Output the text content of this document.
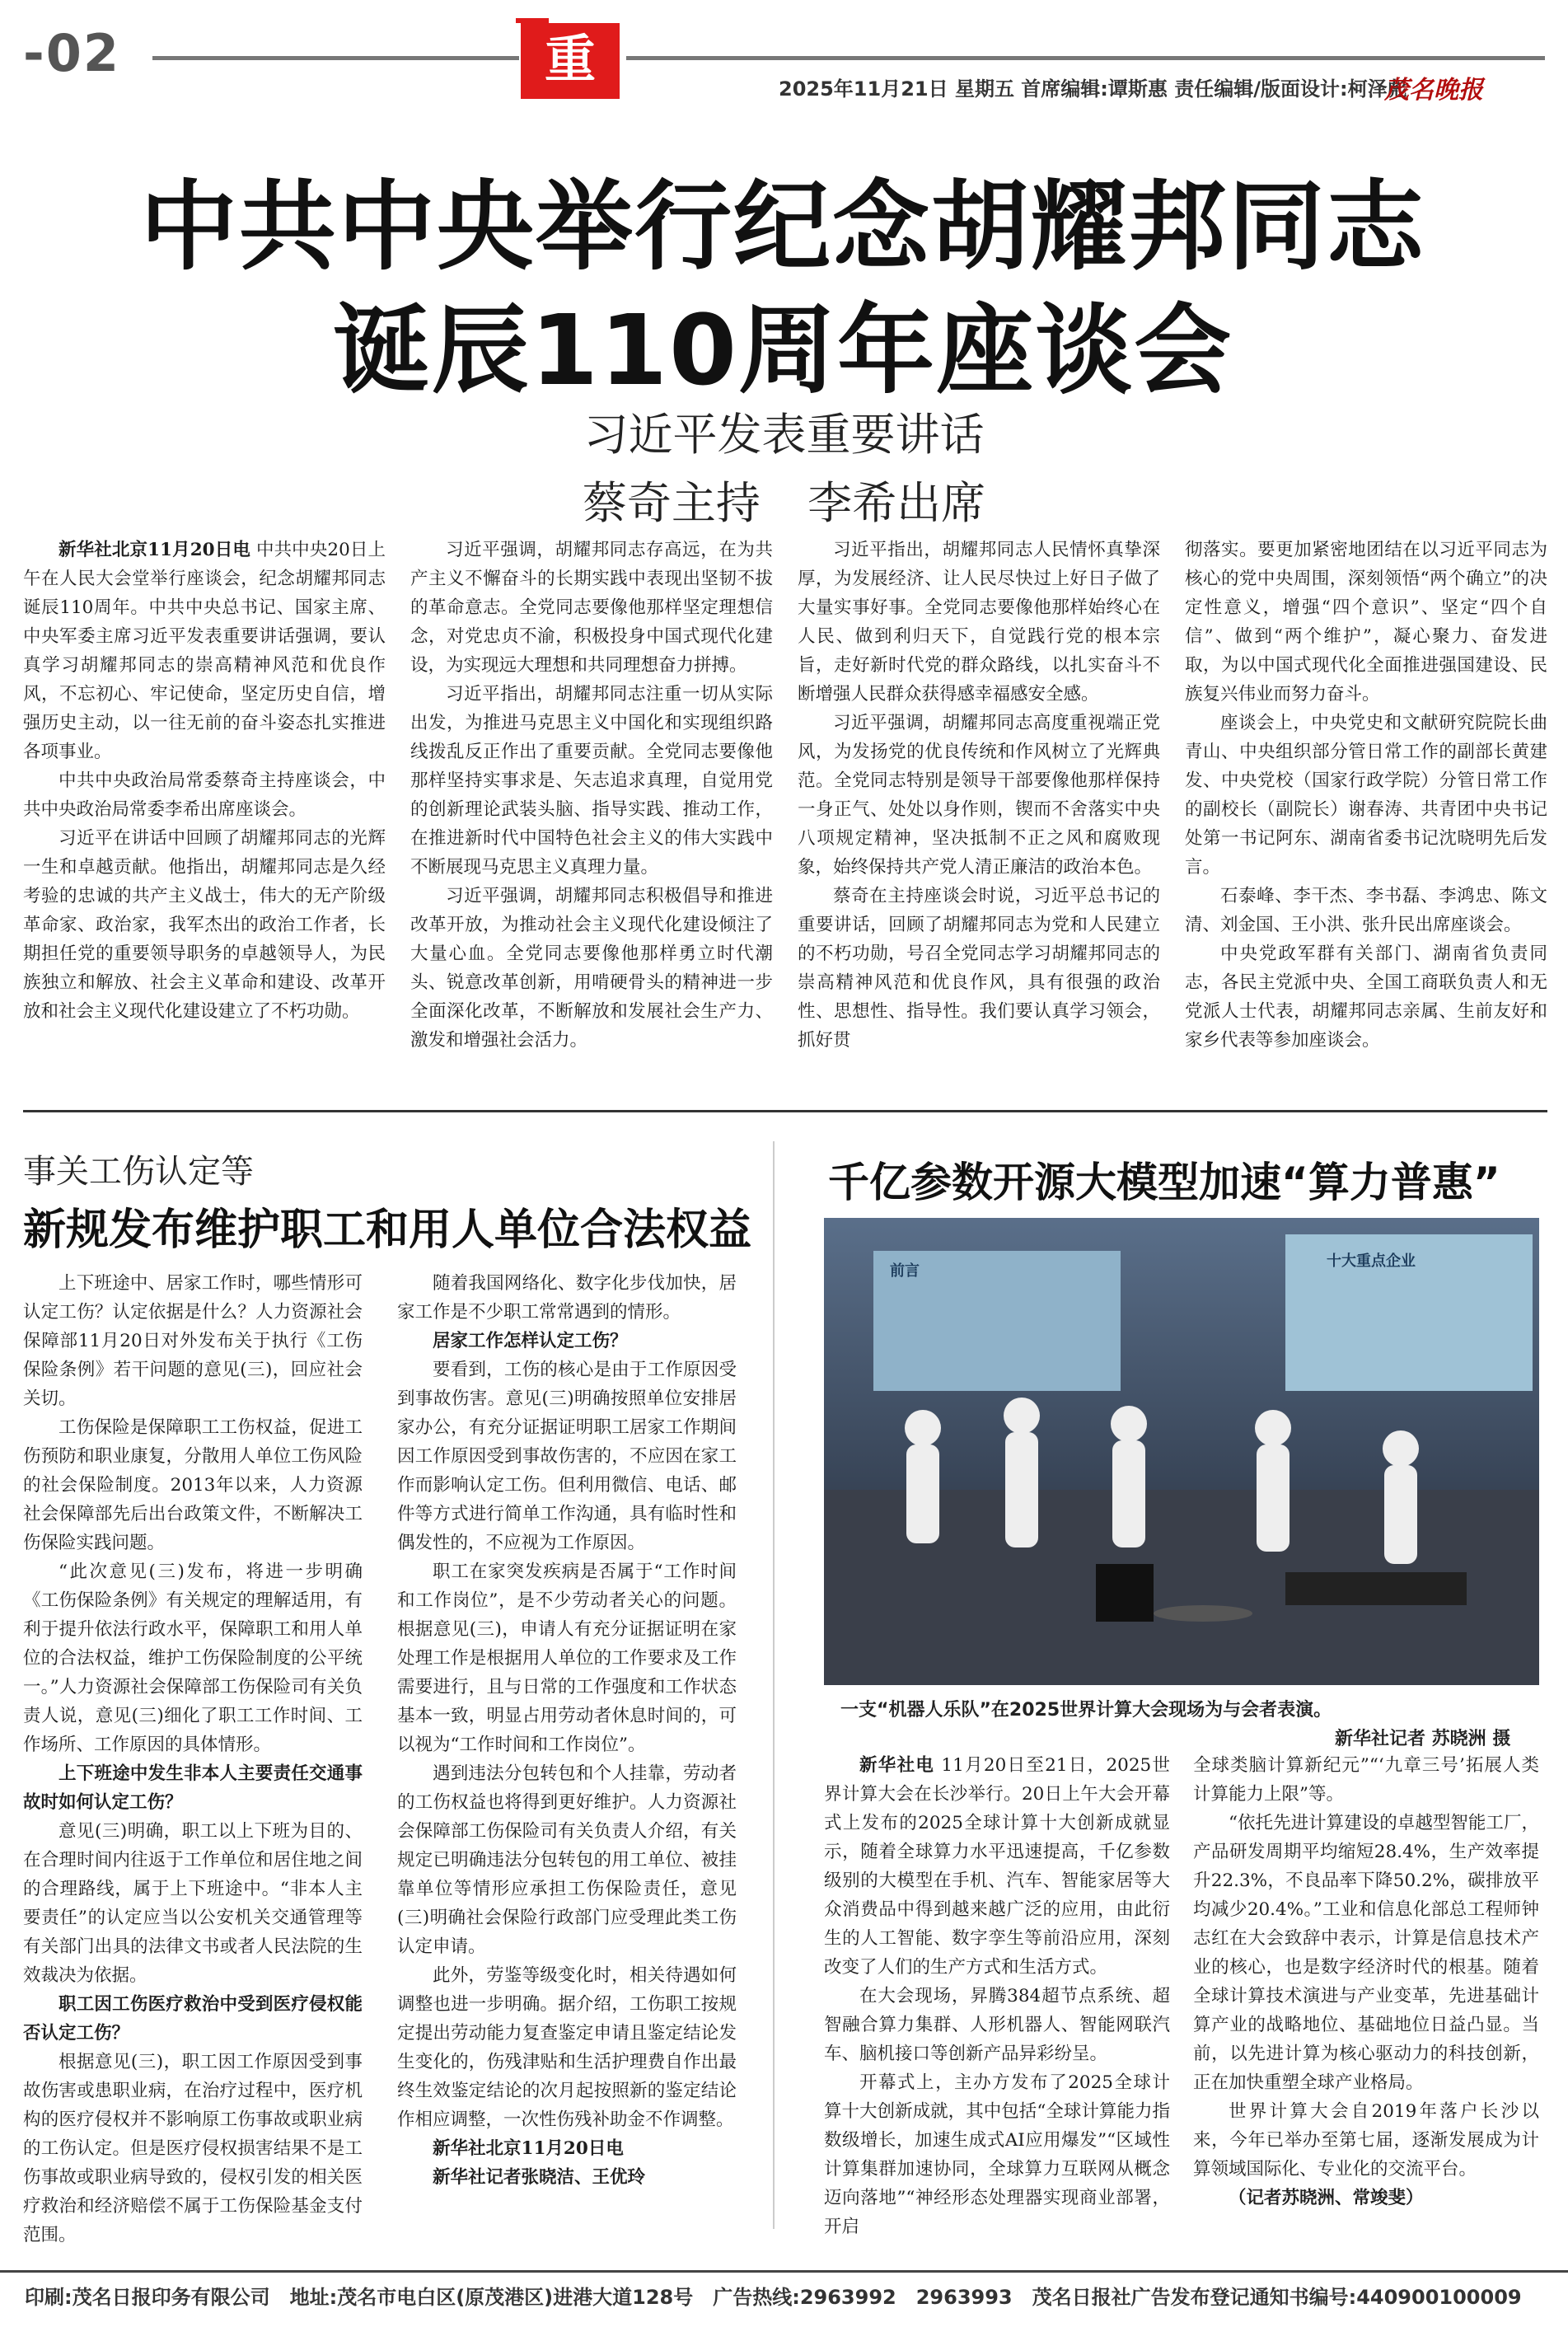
-02	重点
2025年11月21日 星期五 首席编辑:谭斯惠 责任编辑/版面设计:柯泽彪
茂名晚报
中共中央举行纪念胡耀邦同志
诞辰110周年座谈会
习近平发表重要讲话
蔡奇主持 李希出席

新华社北京11月20日电 中共中央20日上午在人民大会堂举行座谈会，纪念胡耀邦同志诞辰110周年。中共中央总书记、国家主席、中央军委主席习近平发表重要讲话强调，要认真学习胡耀邦同志的崇高精神风范和优良作风，不忘初心、牢记使命，坚定历史自信，增强历史主动，以一往无前的奋斗姿态扎实推进各项事业。

中共中央政治局常委蔡奇主持座谈会，中共中央政治局常委李希出席座谈会。

习近平在讲话中回顾了胡耀邦同志的光辉一生和卓越贡献。他指出，胡耀邦同志是久经考验的忠诚的共产主义战士，伟大的无产阶级革命家、政治家，我军杰出的政治工作者，长期担任党的重要领导职务的卓越领导人，为民族独立和解放、社会主义革命和建设、改革开放和社会主义现代化建设建立了不朽功勋。

习近平强调，胡耀邦同志存高远，在为共产主义不懈奋斗的长期实践中表现出坚韧不拔的革命意志。全党同志要像他那样坚定理想信念，对党忠贞不渝，积极投身中国式现代化建设，为实现远大理想和共同理想奋力拼搏。

习近平指出，胡耀邦同志注重一切从实际出发，为推进马克思主义中国化和实现组织路线拨乱反正作出了重要贡献。全党同志要像他那样坚持实事求是、矢志追求真理，自觉用党的创新理论武装头脑、指导实践、推动工作，在推进新时代中国特色社会主义的伟大实践中不断展现马克思主义真理力量。

习近平强调，胡耀邦同志积极倡导和推进改革开放，为推动社会主义现代化建设倾注了大量心血。全党同志要像他那样勇立时代潮头、锐意改革创新，用啃硬骨头的精神进一步全面深化改革，不断解放和发展社会生产力、激发和增强社会活力。

习近平指出，胡耀邦同志人民情怀真挚深厚，为发展经济、让人民尽快过上好日子做了大量实事好事。全党同志要像他那样始终心在人民、做到利归天下，自觉践行党的根本宗旨，走好新时代党的群众路线，以扎实奋斗不断增强人民群众获得感幸福感安全感。

习近平强调，胡耀邦同志高度重视端正党风，为发扬党的优良传统和作风树立了光辉典范。全党同志特别是领导干部要像他那样保持一身正气、处处以身作则，锲而不舍落实中央八项规定精神，坚决抵制不正之风和腐败现象，始终保持共产党人清正廉洁的政治本色。

蔡奇在主持座谈会时说，习近平总书记的重要讲话，回顾了胡耀邦同志为党和人民建立的不朽功勋，号召全党同志学习胡耀邦同志的崇高精神风范和优良作风，具有很强的政治性、思想性、指导性。我们要认真学习领会，抓好贯

彻落实。要更加紧密地团结在以习近平同志为核心的党中央周围，深刻领悟“两个确立”的决定性意义，增强“四个意识”、坚定“四个自信”、做到“两个维护”，凝心聚力、奋发进取，为以中国式现代化全面推进强国建设、民族复兴伟业而努力奋斗。

座谈会上，中央党史和文献研究院院长曲青山、中央组织部分管日常工作的副部长黄建发、中央党校（国家行政学院）分管日常工作的副校长（副院长）谢春涛、共青团中央书记处第一书记阿东、湖南省委书记沈晓明先后发言。

石泰峰、李干杰、李书磊、李鸿忠、陈文清、刘金国、王小洪、张升民出席座谈会。

中央党政军群有关部门、湖南省负责同志，各民主党派中央、全国工商联负责人和无党派人士代表，胡耀邦同志亲属、生前友好和家乡代表等参加座谈会。

事关工伤认定等
新规发布维护职工和用人单位合法权益

上下班途中、居家工作时，哪些情形可认定工伤？认定依据是什么？人力资源社会保障部11月20日对外发布关于执行《工伤保险条例》若干问题的意见(三)，回应社会关切。

工伤保险是保障职工工伤权益，促进工伤预防和职业康复，分散用人单位工伤风险的社会保险制度。2013年以来，人力资源社会保障部先后出台政策文件，不断解决工伤保险实践问题。

“此次意见(三)发布，将进一步明确《工伤保险条例》有关规定的理解适用，有利于提升依法行政水平，保障职工和用人单位的合法权益，维护工伤保险制度的公平统一。”人力资源社会保障部工伤保险司有关负责人说，意见(三)细化了职工工作时间、工作场所、工作原因的具体情形。

上下班途中发生非本人主要责任交通事故时如何认定工伤？

意见(三)明确，职工以上下班为目的、在合理时间内往返于工作单位和居住地之间的合理路线，属于上下班途中。“非本人主要责任”的认定应当以公安机关交通管理等有关部门出具的法律文书或者人民法院的生效裁决为依据。

职工因工伤医疗救治中受到医疗侵权能否认定工伤？

根据意见(三)，职工因工作原因受到事故伤害或患职业病，在治疗过程中，医疗机构的医疗侵权并不影响原工伤事故或职业病的工伤认定。但是医疗侵权损害结果不是工伤事故或职业病导致的，侵权引发的相关医疗救治和经济赔偿不属于工伤保险基金支付范围。

随着我国网络化、数字化步伐加快，居家工作是不少职工常常遇到的情形。

居家工作怎样认定工伤？

要看到，工伤的核心是由于工作原因受到事故伤害。意见(三)明确按照单位安排居家办公，有充分证据证明职工居家工作期间因工作原因受到事故伤害的，不应因在家工作而影响认定工伤。但利用微信、电话、邮件等方式进行简单工作沟通，具有临时性和偶发性的，不应视为工作原因。

职工在家突发疾病是否属于“工作时间和工作岗位”，是不少劳动者关心的问题。根据意见(三)，申请人有充分证据证明在家处理工作是根据用人单位的工作要求及工作需要进行，且与日常的工作强度和工作状态基本一致，明显占用劳动者休息时间的，可以视为“工作时间和工作岗位”。

遇到违法分包转包和个人挂靠，劳动者的工伤权益也将得到更好维护。人力资源社会保障部工伤保险司有关负责人介绍，有关规定已明确违法分包转包的用工单位、被挂靠单位等情形应承担工伤保险责任，意见(三)明确社会保险行政部门应受理此类工伤认定申请。

此外，劳鉴等级变化时，相关待遇如何调整也进一步明确。据介绍，工伤职工按规定提出劳动能力复查鉴定申请且鉴定结论发生变化的，伤残津贴和生活护理费自作出最终生效鉴定结论的次月起按照新的鉴定结论作相应调整，一次性伤残补助金不作调整。

新华社北京11月20日电

新华社记者张晓洁、王优玲

千亿参数开源大模型加速“算力普惠”
前言
十大重点企业
一支“机器人乐队”在2025世界计算大会现场为与会者表演。
新华社记者 苏晓洲 摄

新华社电 11月20日至21日，2025世界计算大会在长沙举行。20日上午大会开幕式上发布的2025全球计算十大创新成就显示，随着全球算力水平迅速提高，千亿参数级别的大模型在手机、汽车、智能家居等大众消费品中得到越来越广泛的应用，由此衍生的人工智能、数字孪生等前沿应用，深刻改变了人们的生产方式和生活方式。

在大会现场，昇腾384超节点系统、超智融合算力集群、人形机器人、智能网联汽车、脑机接口等创新产品异彩纷呈。

开幕式上，主办方发布了2025全球计算十大创新成就，其中包括“全球计算能力指数级增长，加速生成式AI应用爆发”“区域性计算集群加速协同，全球算力互联网从概念迈向落地”“神经形态处理器实现商业部署，开启

全球类脑计算新纪元”“‘九章三号’拓展人类计算能力上限”等。

“依托先进计算建设的卓越型智能工厂，产品研发周期平均缩短28.4%，生产效率提升22.3%，不良品率下降50.2%，碳排放平均减少20.4%。”工业和信息化部总工程师钟志红在大会致辞中表示，计算是信息技术产业的核心，也是数字经济时代的根基。随着全球计算技术演进与产业变革，先进基础计算产业的战略地位、基础地位日益凸显。当前，以先进计算为核心驱动力的科技创新，正在加快重塑全球产业格局。

世界计算大会自2019年落户长沙以来，今年已举办至第七届，逐渐发展成为计算领域国际化、专业化的交流平台。

（记者苏晓洲、常竣斐）

印刷:茂名日报印务有限公司　地址:茂名市电白区(原茂港区)进港大道128号　广告热线:2963992　2963993　茂名日报社广告发布登记通知书编号:440900100009
